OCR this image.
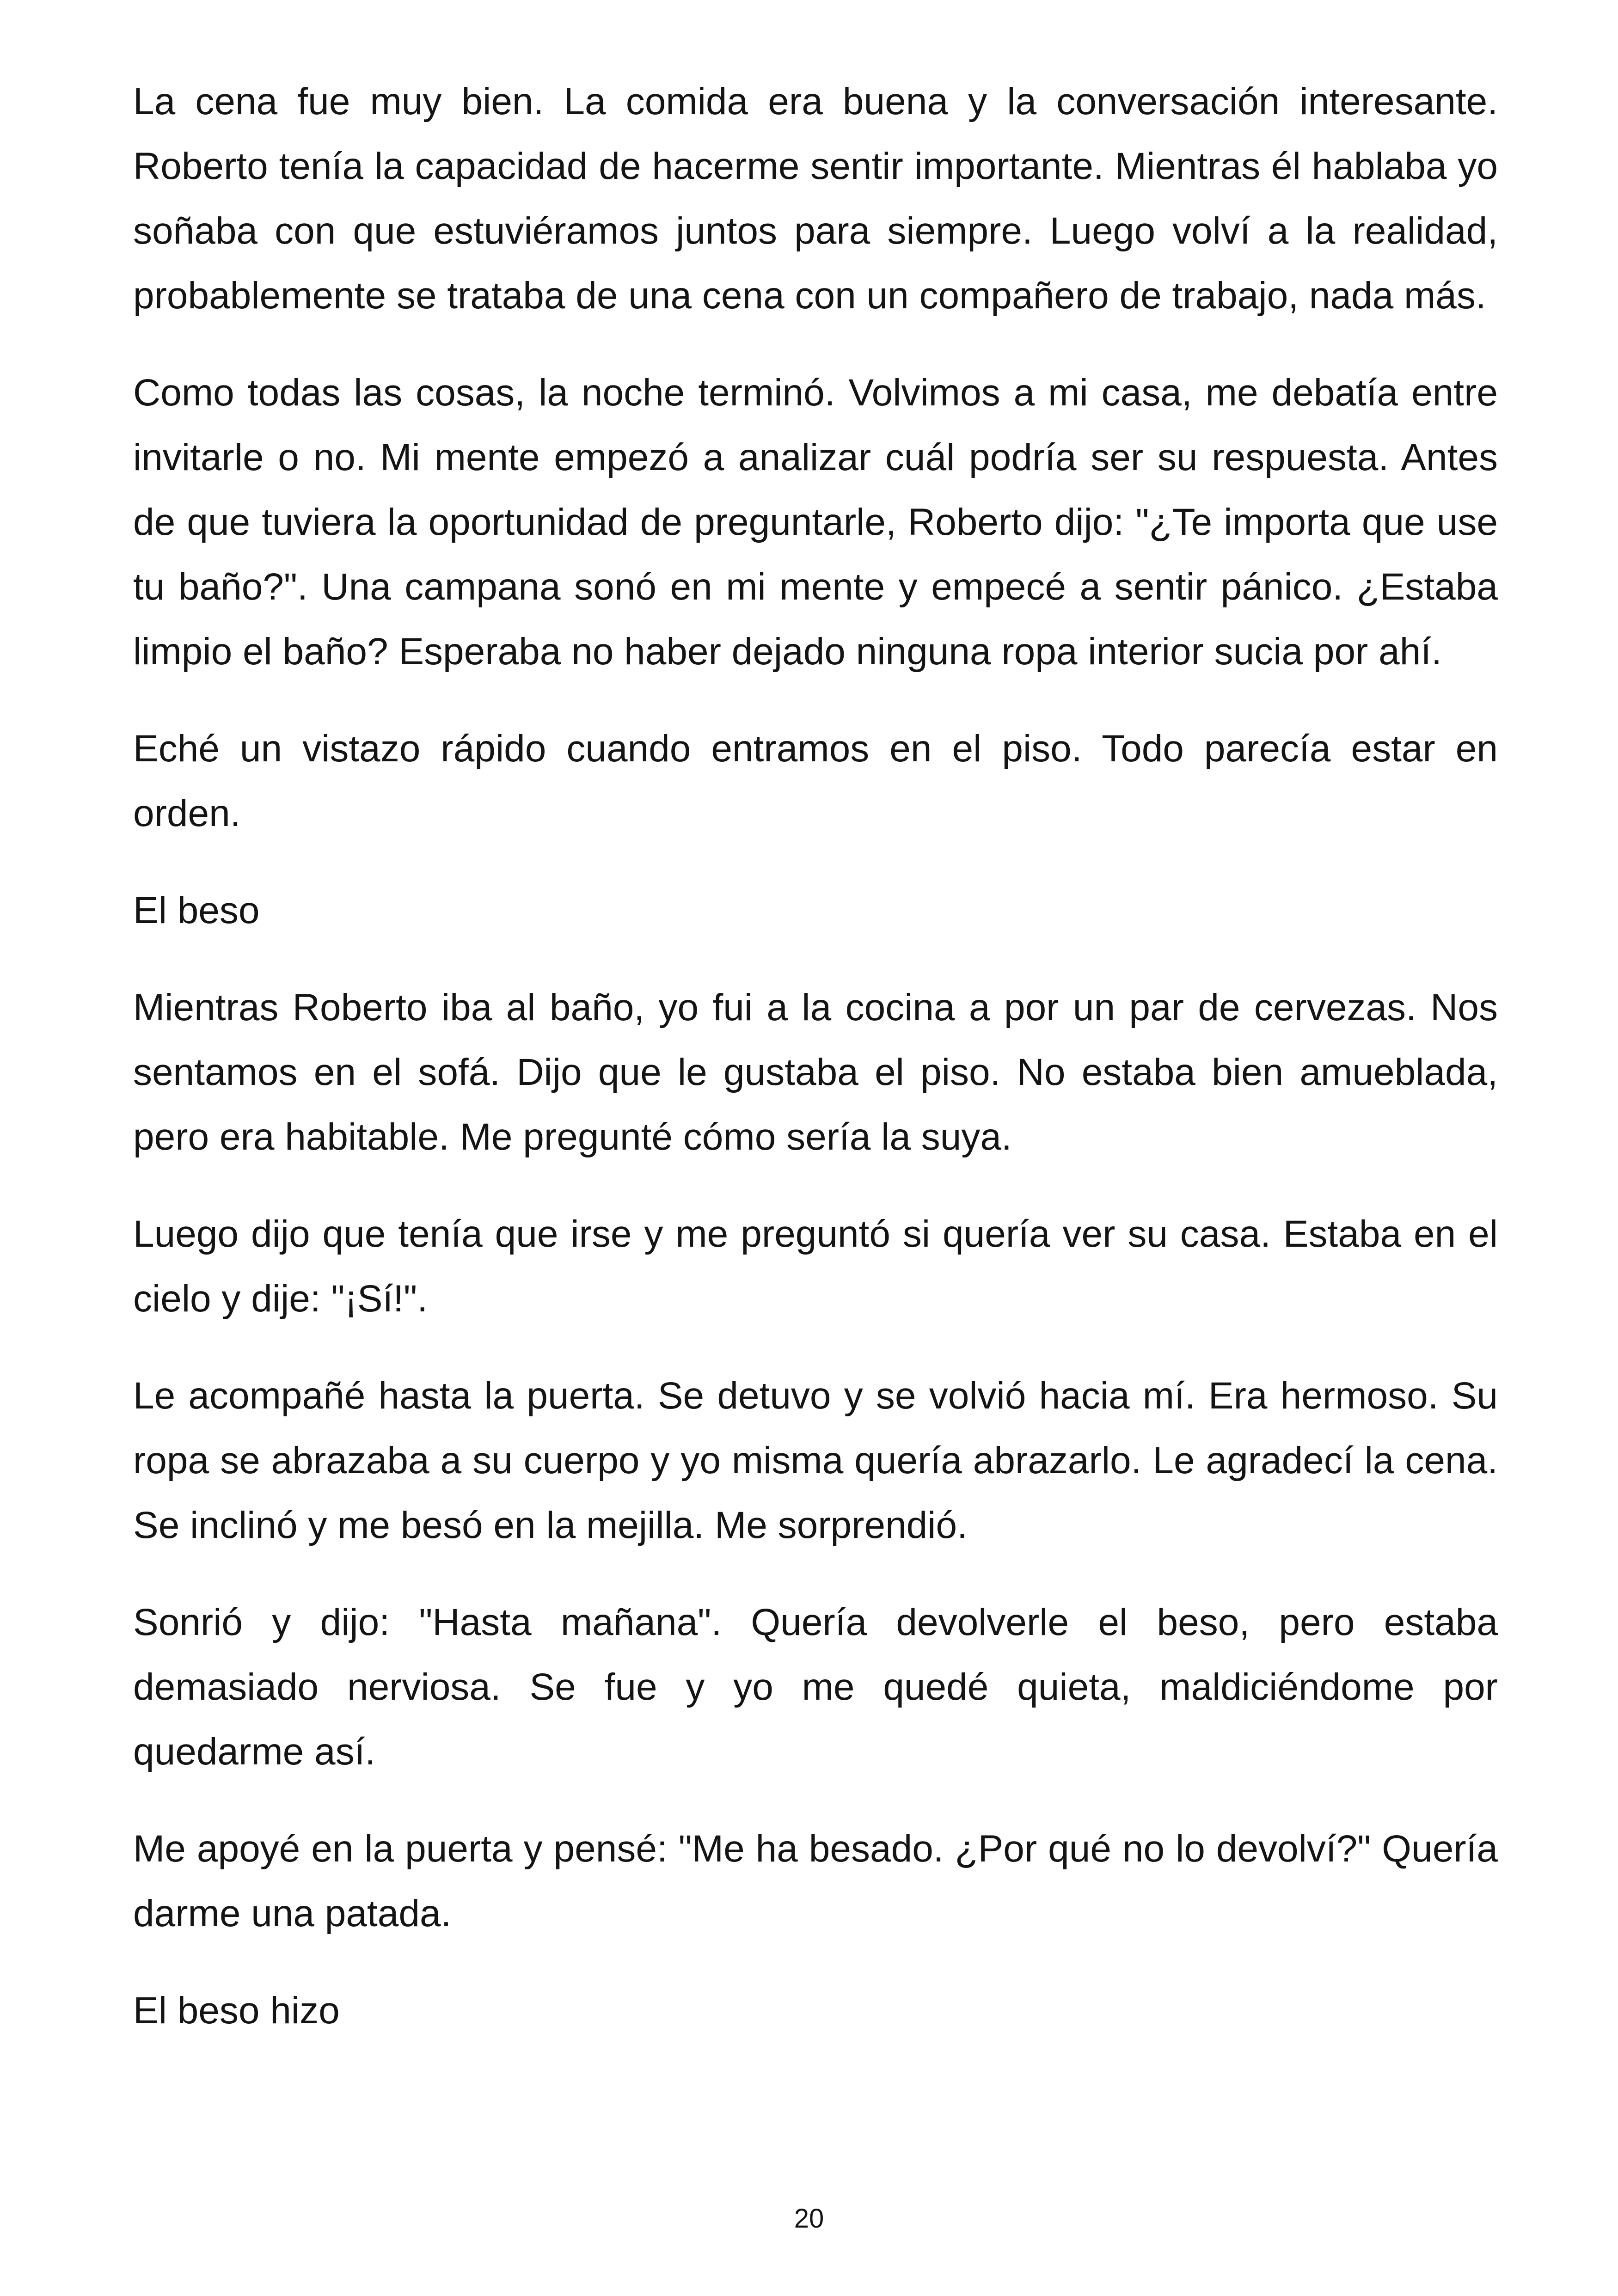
La cena fue muy bien. La comida era buena y la conversación interesante. Roberto tenía la capacidad de hacerme sentir importante. Mientras él hablaba yo soñaba con que estuviéramos juntos para siempre. Luego volví a la realidad, probablemente se trataba de una cena con un compañero de trabajo, nada más.

Como todas las cosas, la noche terminó. Volvimos a mi casa, me debatía entre invitarle o no. Mi mente empezó a analizar cuál podría ser su respuesta. Antes de que tuviera la oportunidad de preguntarle, Roberto dijo: "¿Te importa que use tu baño?". Una campana sonó en mi mente y empecé a sentir pánico. ¿Estaba limpio el baño? Esperaba no haber dejado ninguna ropa interior sucia por ahí.

Eché un vistazo rápido cuando entramos en el piso. Todo parecía estar en orden.

El beso

Mientras Roberto iba al baño, yo fui a la cocina a por un par de cervezas. Nos sentamos en el sofá. Dijo que le gustaba el piso. No estaba bien amueblada, pero era habitable. Me pregunté cómo sería la suya.

Luego dijo que tenía que irse y me preguntó si quería ver su casa. Estaba en el cielo y dije: "¡Sí!".

Le acompañé hasta la puerta. Se detuvo y se volvió hacia mí. Era hermoso. Su ropa se abrazaba a su cuerpo y yo misma quería abrazarlo. Le agradecí la cena. Se inclinó y me besó en la mejilla. Me sorprendió.

Sonrió y dijo: "Hasta mañana". Quería devolverle el beso, pero estaba demasiado nerviosa. Se fue y yo me quedé quieta, maldiciéndome por quedarme así.

Me apoyé en la puerta y pensé: "Me ha besado. ¿Por qué no lo devolví?" Quería darme una patada.

El beso hizo

20
